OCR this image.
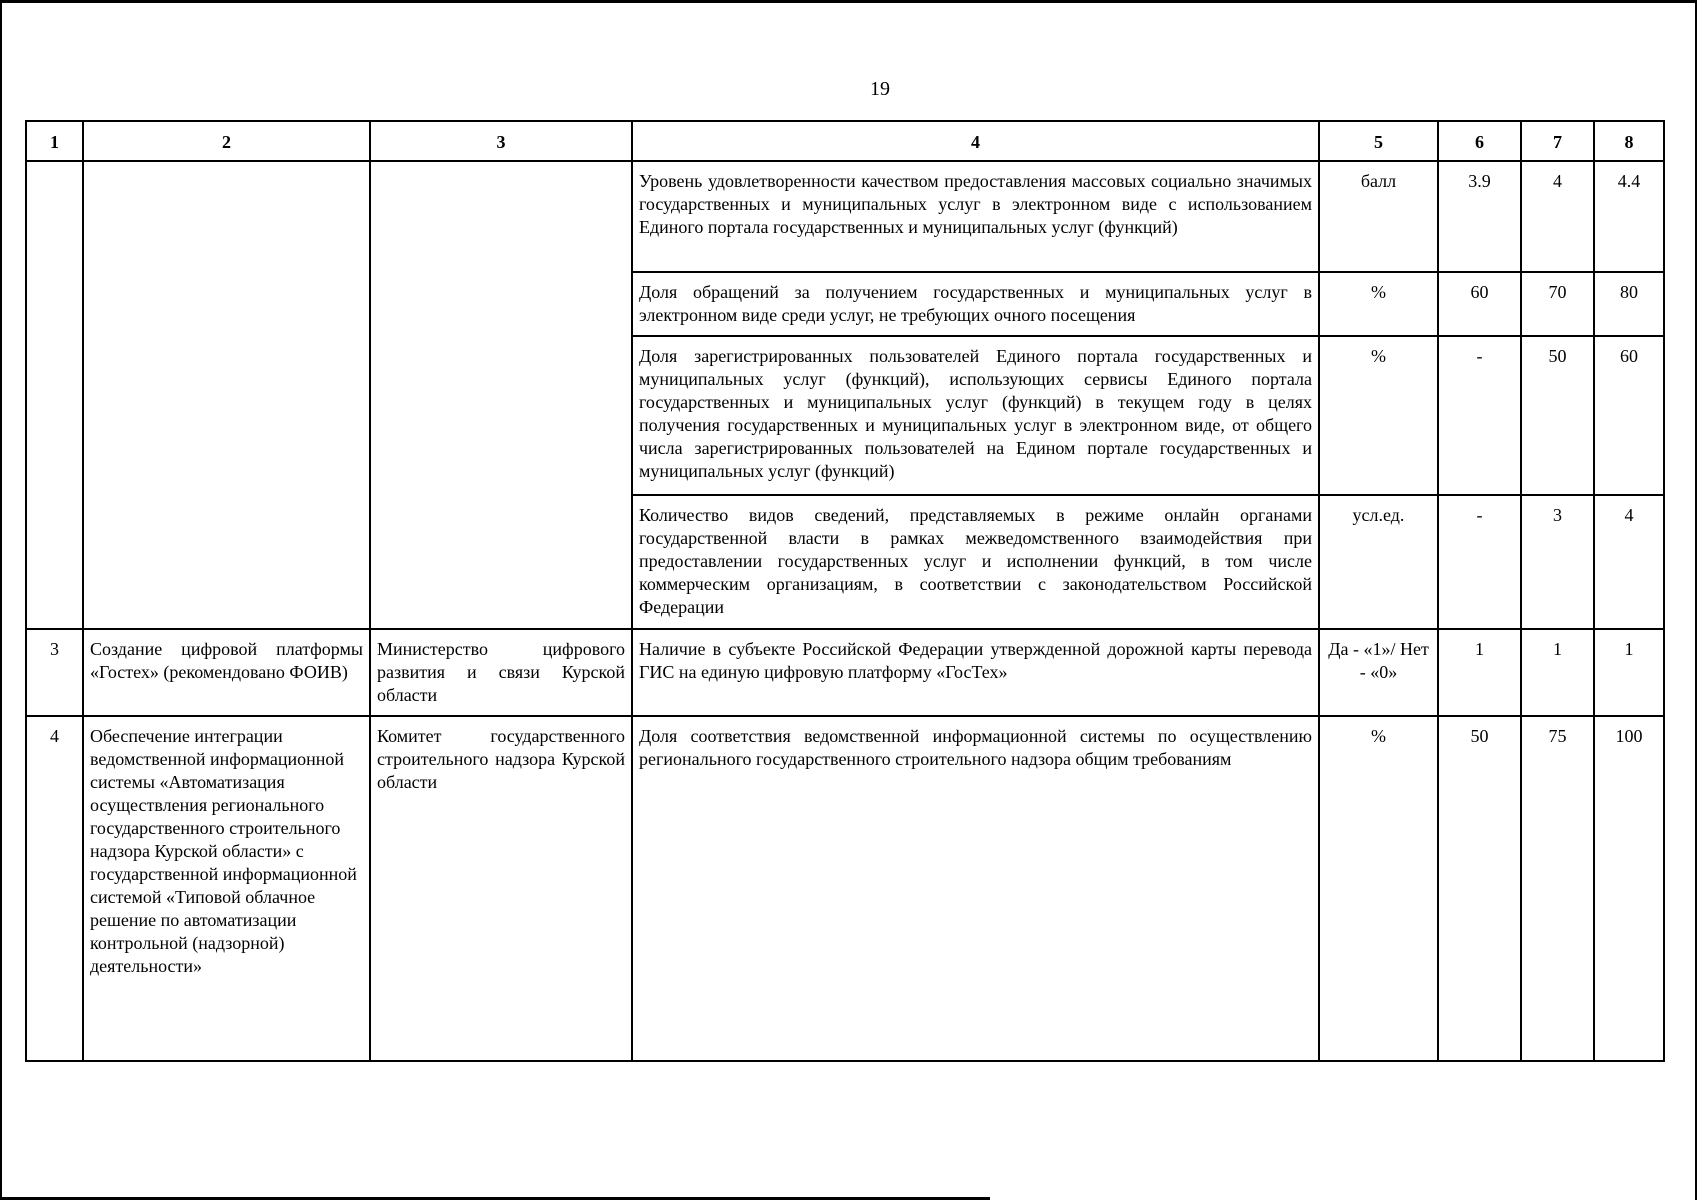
19
1	2	3	4	5	6	7	8
			Уровень удовлетворенности качеством предоставления массовых социально значимых государственных и муниципальных услуг в электронном виде с использованием Единого портала государственных и муниципальных услуг (функций)	балл	3.9	4	4.4
			Доля обращений за получением государственных и муниципальных услуг в электронном виде среди услуг, не требующих очного посещения	%	60	70	80
			Доля зарегистрированных пользователей Единого портала государственных и муниципальных услуг (функций), использующих сервисы Единого портала государственных и муниципальных услуг (функций) в текущем году в целях получения государственных и муниципальных услуг в электронном виде, от общего числа зарегистрированных пользователей на Едином портале государственных и муниципальных услуг (функций)	%	-	50	60
			Количество видов сведений, представляемых в режиме онлайн органами государственной власти в рамках межведомственного взаимодействия при предоставлении государственных услуг и исполнении функций, в том числе коммерческим организациям, в соответствии с законодательством Российской Федерации	усл.ед.	-	3	4
3	Создание цифровой платформы «Гостех» (рекомендовано ФОИВ)	Министерство цифрового развития и связи Курской области	Наличие в субъекте Российской Федерации утвержденной дорожной карты перевода ГИС на единую цифровую платформу «ГосТех»	Да - «1»/ Нет - «0»	1	1	1
4	Обеспечение интеграции ведомственной информационной системы «Автоматизация осуществления регионального государственного строительного надзора Курской области» с государственной информационной системой «Типовой облачное решение по автоматизации контрольной (надзорной) деятельности»	Комитет государственного строительного надзора Курской области	Доля соответствия ведомственной информационной системы по осуществлению регионального государственного строительного надзора общим требованиям	%	50	75	100
